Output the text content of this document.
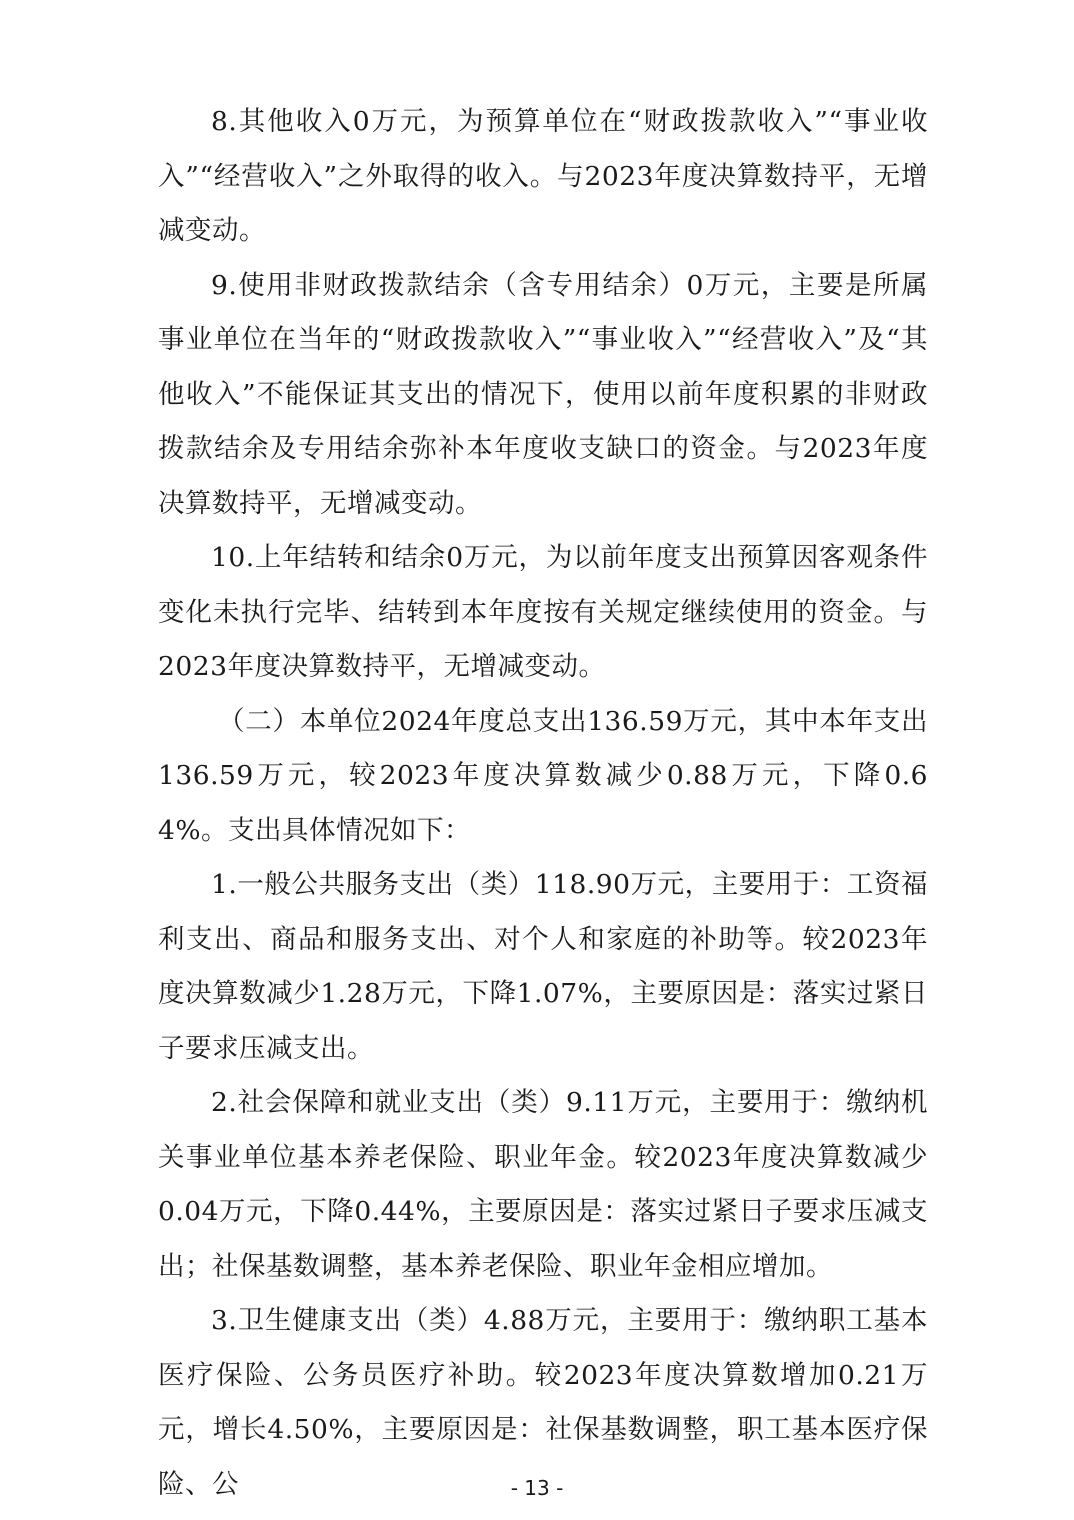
8.其他收入0万元，为预算单位在“财政拨款收入”“事业收入”“经营收入”之外取得的收入。与2023年度决算数持平，无增减变动。

9.使用非财政拨款结余（含专用结余）0万元，主要是所属事业单位在当年的“财政拨款收入”“事业收入”“经营收入”及“其他收入”不能保证其支出的情况下，使用以前年度积累的非财政拨款结余及专用结余弥补本年度收支缺口的资金。与2023年度决算数持平，无增减变动。

10.上年结转和结余0万元，为以前年度支出预算因客观条件变化未执行完毕、结转到本年度按有关规定继续使用的资金。与2023年度决算数持平，无增减变动。

（二）本单位2024年度总支出136.59万元，其中本年支出136.59万元，较2023年度决算数减少0.88万元，下降0.64%。支出具体情况如下：

1.一般公共服务支出（类）118.90万元，主要用于：工资福利支出、商品和服务支出、对个人和家庭的补助等。较2023年度决算数减少1.28万元，下降1.07%，主要原因是：落实过紧日子要求压减支出。

2.社会保障和就业支出（类）9.11万元，主要用于：缴纳机关事业单位基本养老保险、职业年金。较2023年度决算数减少0.04万元，下降0.44%，主要原因是：落实过紧日子要求压减支出；社保基数调整，基本养老保险、职业年金相应增加。

3.卫生健康支出（类）4.88万元，主要用于：缴纳职工基本医疗保险、公务员医疗补助。较2023年度决算数增加0.21万元，增长4.50%，主要原因是：社保基数调整，职工基本医疗保险、公	- 13 -
